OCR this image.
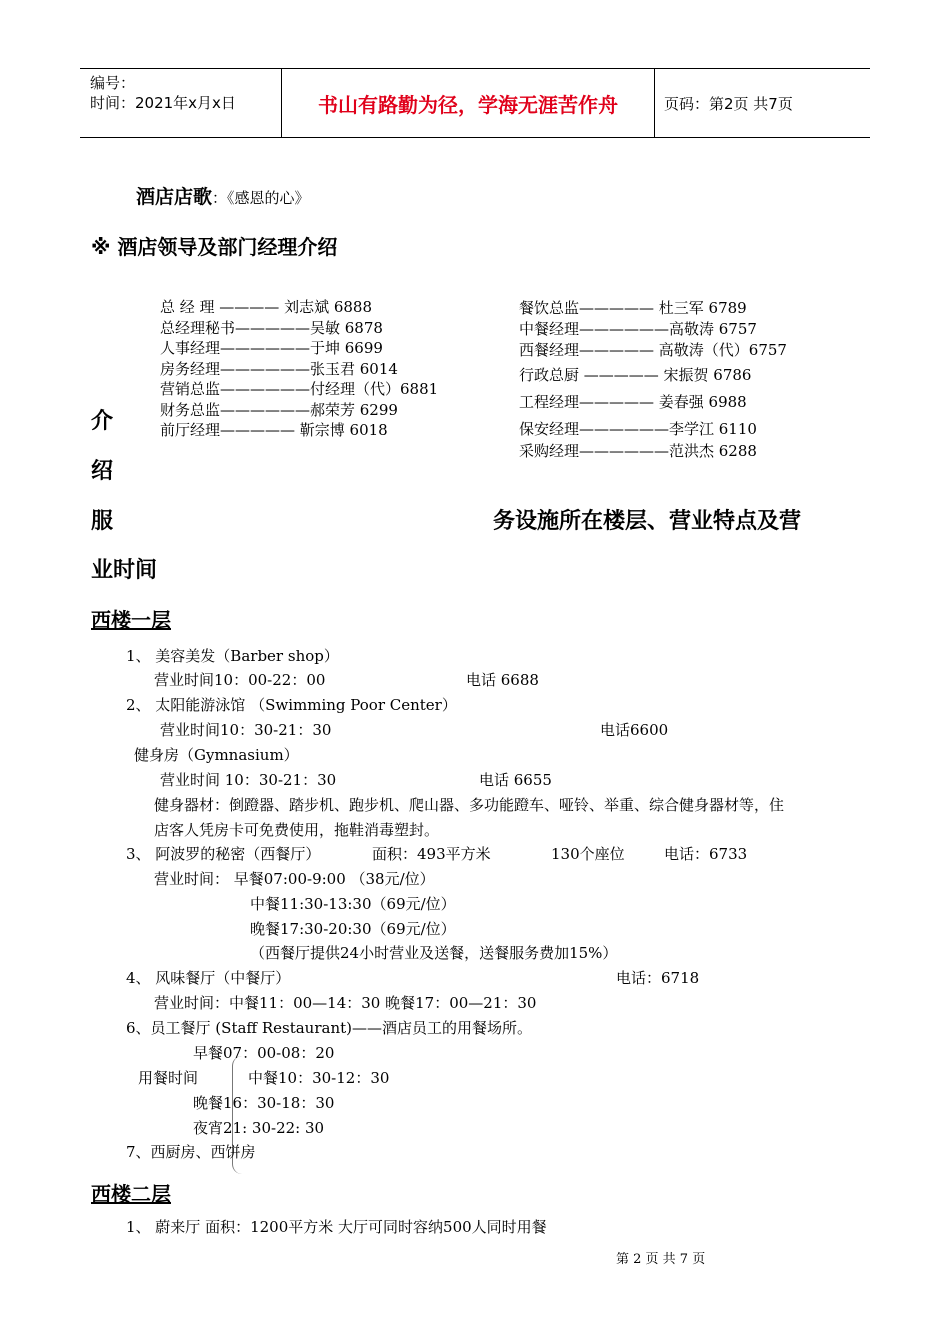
编号：
时间：2021年x月x日	书山有路勤为径，学海无涯苦作舟	页码：第2页 共7页
酒店店歌：《感恩的心》
※ 酒店领导及部门经理介绍
总 经 理 ———— 刘志斌 6888
总经理秘书—————吴敏 6878
人事经理——————于坤 6699
房务经理——————张玉君 6014
营销总监——————付经理（代）6881
财务总监——————郝荣芳 6299
前厅经理————— 靳宗博 6018
餐饮总监————— 杜三军 6789
中餐经理——————高敬涛 6757
西餐经理————— 高敬涛（代）6757
行政总厨 ————— 宋振贺 6786
工程经理————— 姜春强 6988
保安经理——————李学江 6110
采购经理——————范洪杰 6288
介
绍
服	务设施所在楼层、营业特点及营
业时间
西楼一层
1、 美容美发（Barber shop）
营业时间10：00-22：00	电话 6688
2、 太阳能游泳馆 （Swimming Poor Center）
营业时间10：30-21：30	电话6600
健身房（Gymnasium）
营业时间 10：30-21：30	电话 6655
健身器材：倒蹬器、踏步机、跑步机、爬山器、多功能蹬车、哑铃、举重、综合健身器材等，住
店客人凭房卡可免费使用，拖鞋消毒塑封。
3、 阿波罗的秘密（西餐厅）	面积：493平方米	130个座位	电话：6733
营业时间： 早餐07:00-9:00 （38元/位）
中餐11:30-13:30（69元/位）
晚餐17:30-20:30（69元/位）
（西餐厅提供24小时营业及送餐，送餐服务费加15%）
4、 风味餐厅（中餐厅）	电话：6718
营业时间：中餐11：00—14：30 晚餐17：00—21：30
6、员工餐厅 (Staff Restaurant)——酒店员工的用餐场所。
早餐07：00-08：20
用餐时间	中餐10：30-12：30
晚餐16：30-18：30
夜宵21: 30-22: 30
7、西厨房、西饼房
西楼二层
1、 蔚来厅 面积：1200平方米 大厅可同时容纳500人同时用餐
第 2 页 共 7 页
